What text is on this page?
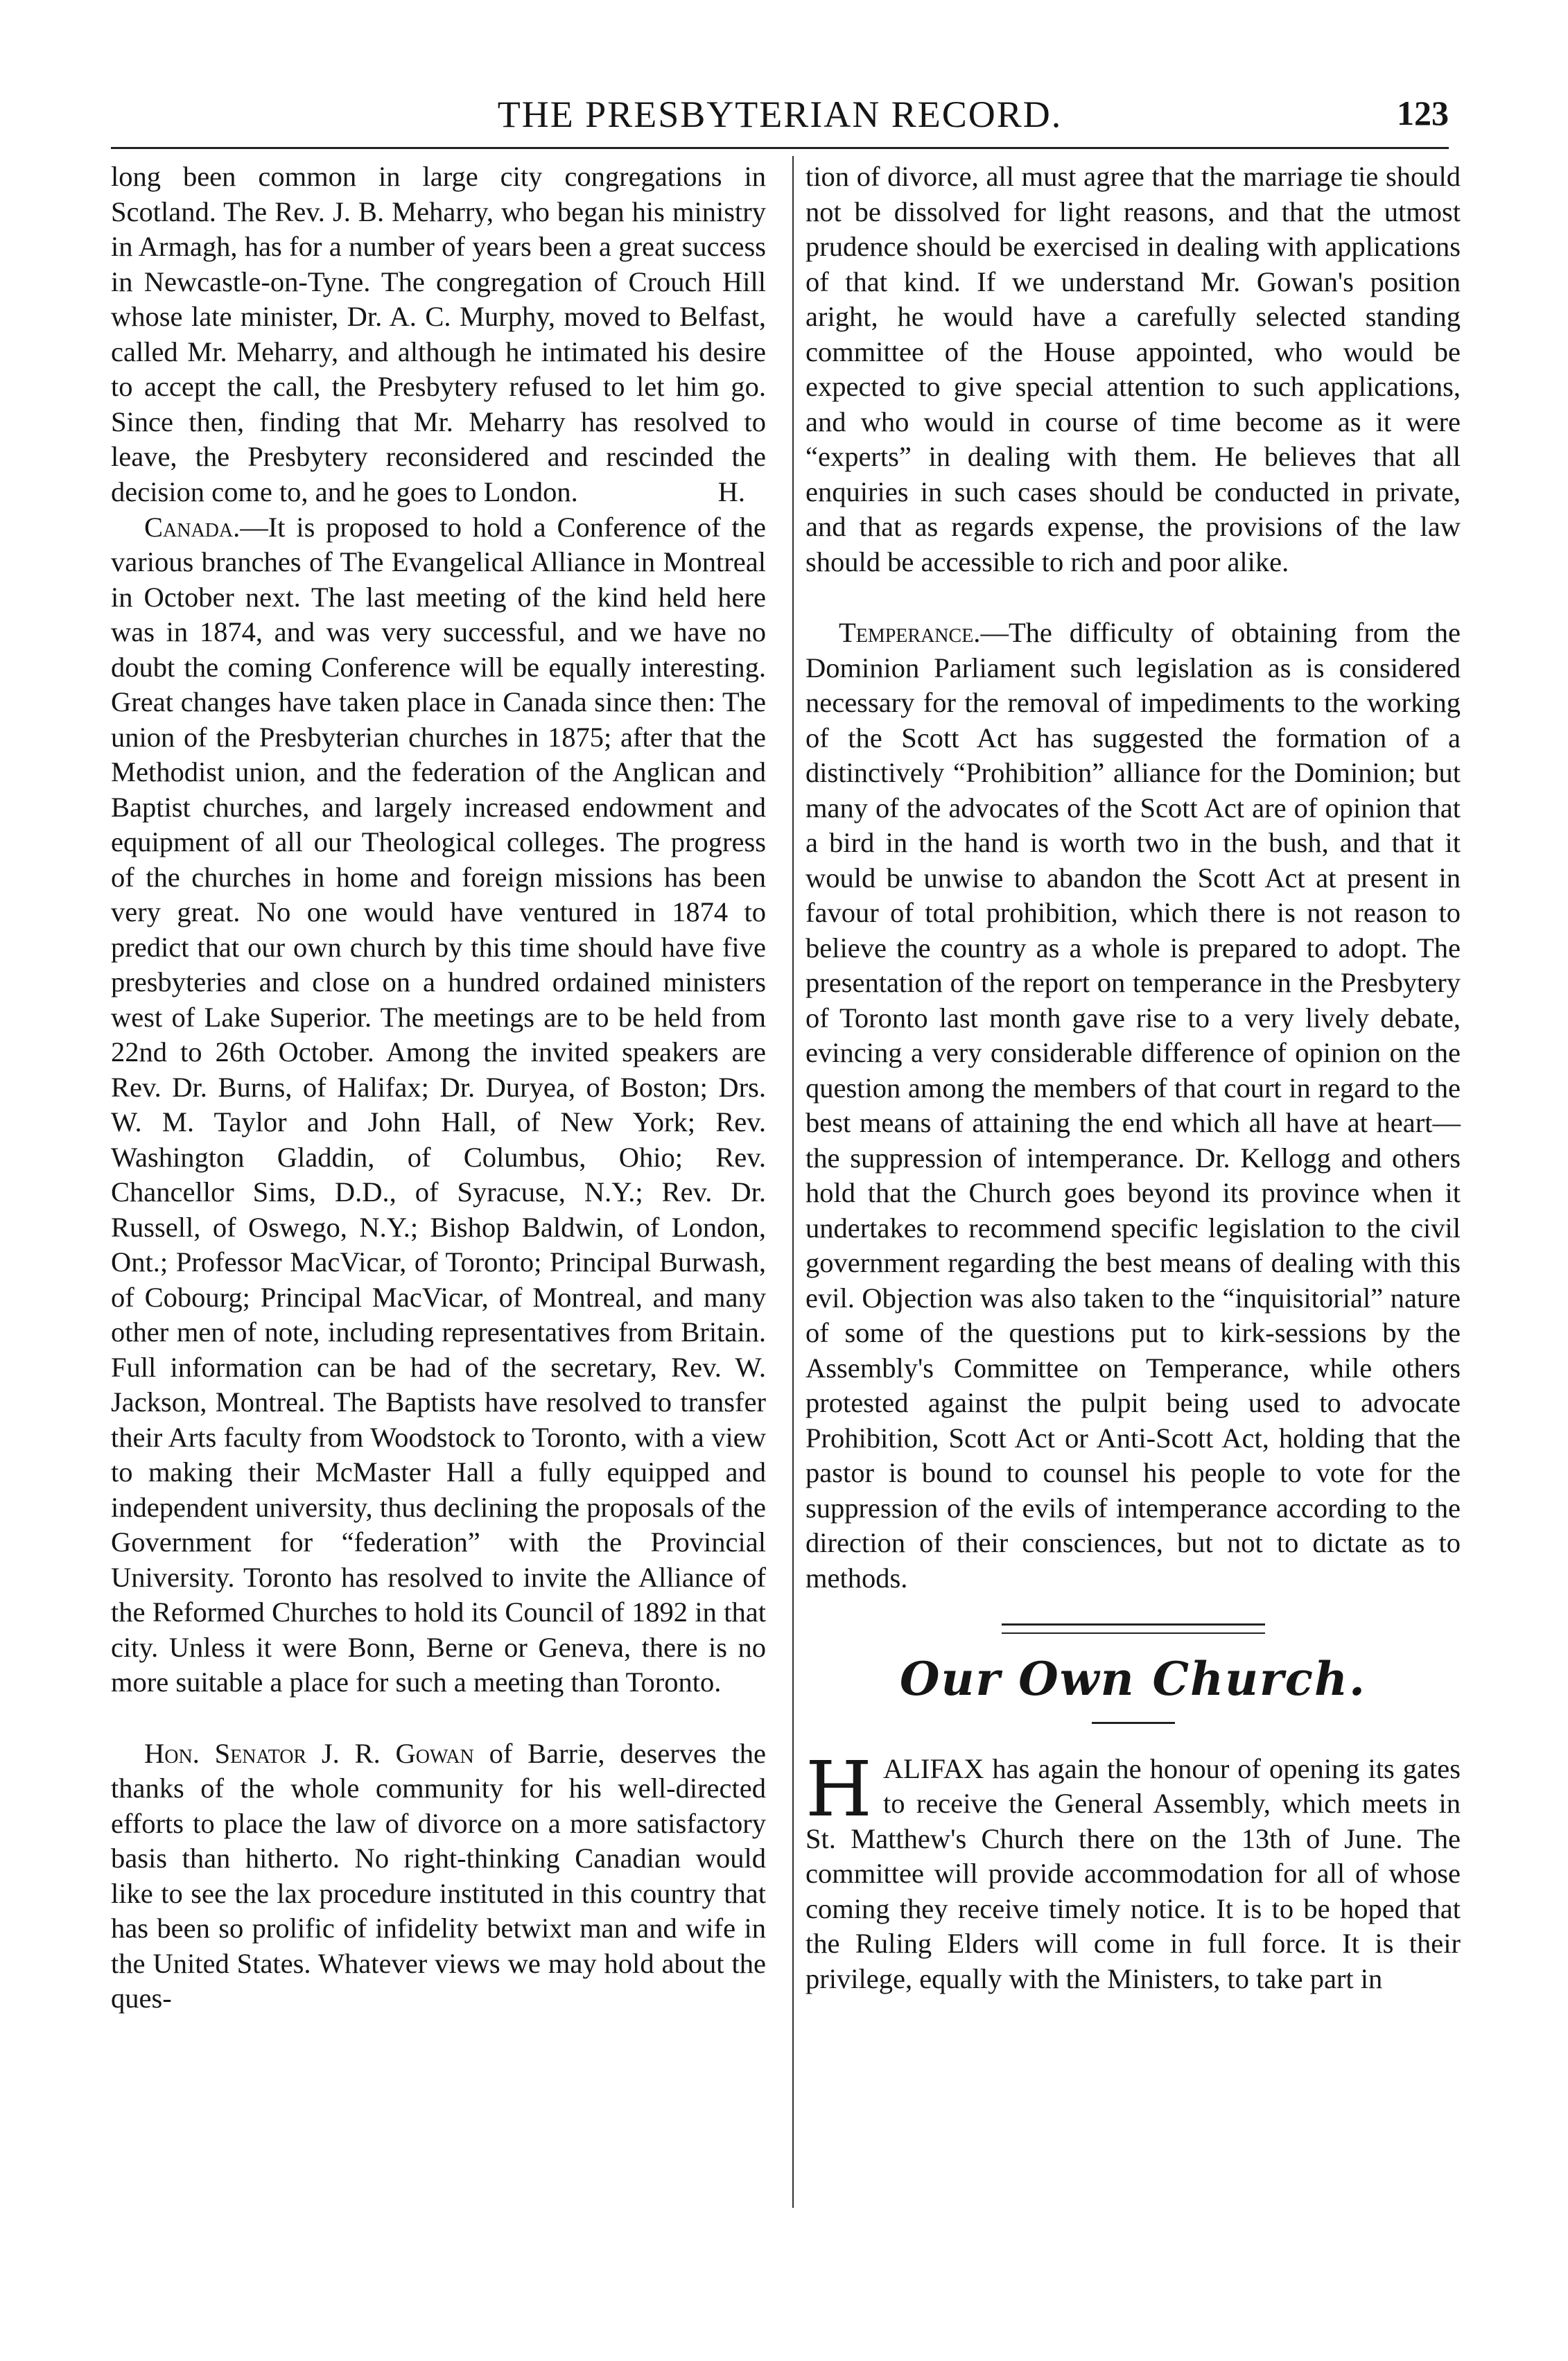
THE PRESBYTERIAN RECORD.	123

long been common in large city congregations in Scotland. The Rev. J. B. Meharry, who began his ministry in Armagh, has for a number of years been a great success in Newcastle-on-Tyne. The congregation of Crouch Hill whose late minister, Dr. A. C. Murphy, moved to Belfast, called Mr. Meharry, and although he intimated his desire to accept the call, the Presbytery refused to let him go. Since then, finding that Mr. Meharry has resolved to leave, the Presbytery reconsidered and rescinded the decision come to, and he goes to London.	H.

Canada.—It is proposed to hold a Conference of the various branches of The Evangelical Alliance in Montreal in October next. The last meeting of the kind held here was in 1874, and was very successful, and we have no doubt the coming Conference will be equally interesting. Great changes have taken place in Canada since then: The union of the Presbyterian churches in 1875; after that the Methodist union, and the federation of the Anglican and Baptist churches, and largely increased endowment and equipment of all our Theological colleges. The progress of the churches in home and foreign missions has been very great. No one would have ventured in 1874 to predict that our own church by this time should have five presbyteries and close on a hundred ordained ministers west of Lake Superior. The meetings are to be held from 22nd to 26th October. Among the invited speakers are Rev. Dr. Burns, of Halifax; Dr. Duryea, of Boston; Drs. W. M. Taylor and John Hall, of New York; Rev. Washington Gladdin, of Columbus, Ohio; Rev. Chancellor Sims, D.D., of Syracuse, N.Y.; Rev. Dr. Russell, of Oswego, N.Y.; Bishop Baldwin, of London, Ont.; Professor MacVicar, of Toronto; Principal Burwash, of Cobourg; Principal MacVicar, of Montreal, and many other men of note, including representatives from Britain. Full information can be had of the secretary, Rev. W. Jackson, Montreal. The Baptists have resolved to transfer their Arts faculty from Woodstock to Toronto, with a view to making their McMaster Hall a fully equipped and independent university, thus declining the proposals of the Government for “federation” with the Provincial University. Toronto has resolved to invite the Alliance of the Reformed Churches to hold its Council of 1892 in that city. Unless it were Bonn, Berne or Geneva, there is no more suitable a place for such a meeting than Toronto.

Hon. Senator J. R. Gowan of Barrie, deserves the thanks of the whole community for his well-directed efforts to place the law of divorce on a more satisfactory basis than hitherto. No right-thinking Canadian would like to see the lax procedure instituted in this country that has been so prolific of infidelity betwixt man and wife in the United States. Whatever views we may hold about the ques-

tion of divorce, all must agree that the marriage tie should not be dissolved for light reasons, and that the utmost prudence should be exercised in dealing with applications of that kind. If we understand Mr. Gowan's position aright, he would have a carefully selected standing committee of the House appointed, who would be expected to give special attention to such applications, and who would in course of time become as it were “experts” in dealing with them. He believes that all enquiries in such cases should be conducted in private, and that as regards expense, the provisions of the law should be accessible to rich and poor alike.

Temperance.—The difficulty of obtaining from the Dominion Parliament such legislation as is considered necessary for the removal of impediments to the working of the Scott Act has suggested the formation of a distinctively “Prohibition” alliance for the Dominion; but many of the advocates of the Scott Act are of opinion that a bird in the hand is worth two in the bush, and that it would be unwise to abandon the Scott Act at present in favour of total prohibition, which there is not reason to believe the country as a whole is prepared to adopt. The presentation of the report on temperance in the Presbytery of Toronto last month gave rise to a very lively debate, evincing a very considerable difference of opinion on the question among the members of that court in regard to the best means of attaining the end which all have at heart—the suppression of intemperance. Dr. Kellogg and others hold that the Church goes beyond its province when it undertakes to recommend specific legislation to the civil government regarding the best means of dealing with this evil. Objection was also taken to the “inquisitorial” nature of some of the questions put to kirk-sessions by the Assembly's Committee on Temperance, while others protested against the pulpit being used to advocate Prohibition, Scott Act or Anti-Scott Act, holding that the pastor is bound to counsel his people to vote for the suppression of the evils of intemperance according to the direction of their consciences, but not to dictate as to methods.

Our Own Church.

HALIFAX has again the honour of opening its gates to receive the General Assembly, which meets in St. Matthew's Church there on the 13th of June. The committee will provide accommodation for all of whose coming they receive timely notice. It is to be hoped that the Ruling Elders will come in full force. It is their privilege, equally with the Ministers, to take part in
